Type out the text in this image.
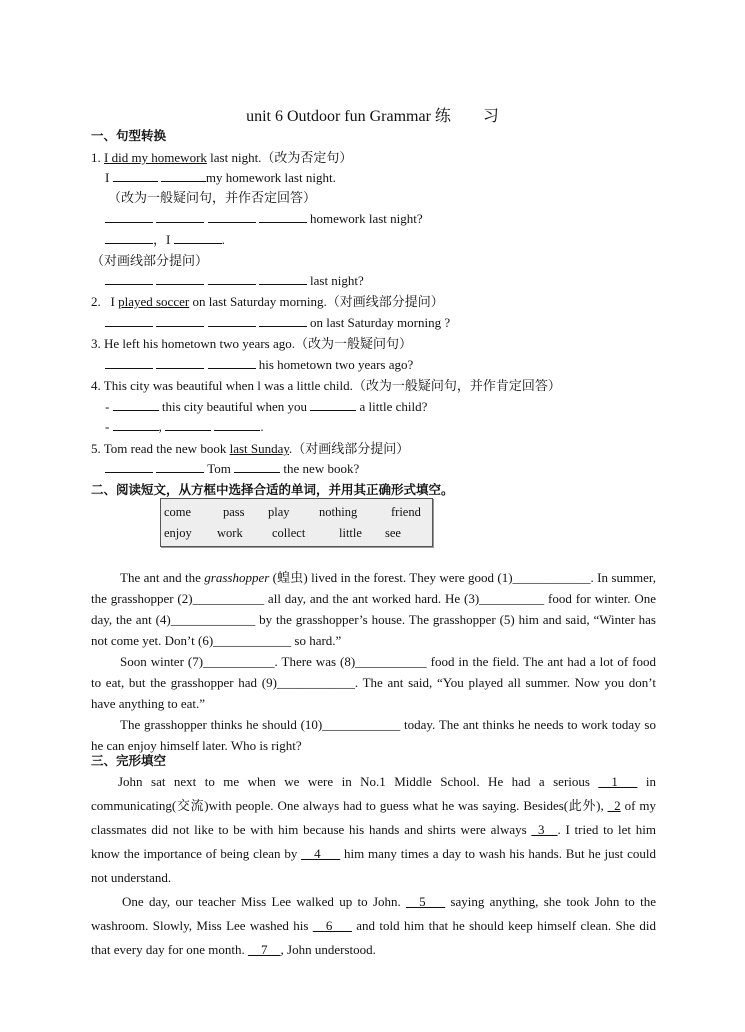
unit 6 Outdoor fun Grammar 练　　习
一、句型转换
1. I did my homework last night.（改为否定句）
I	my homework last night.
（改为一般疑问句，并作否定回答）
homework last night?
，I	.
（对画线部分提问）
last night?
2.   I played soccer on last Saturday morning.（对画线部分提问）
on last Saturday morning ?
3. He left his hometown two years ago.（改为一般疑问句）
his hometown two years ago?
4. This city was beautiful when l was a little child.（改为一般疑问句，并作肯定回答）
-	this city beautiful when you	a little child?
-	,	.
5. Tom read the new book last Sunday.（对画线部分提问）
Tom	the new book?
二、阅读短文，从方框中选择合适的单词，并用其正确形式填空。
come	pass play nothing	friend
enjoy work collect	little see
The ant and the grasshopper (蝗虫) lived in the forest. They were good (1)____________. In summer, the grasshopper (2)___________ all day, and the ant worked hard. He (3)__________ food for winter. One day, the ant (4)_____________ by the grasshopper’s house. The grasshopper (5) him and said, “Winter has not come yet. Don’t (6)____________ so hard.”
Soon winter (7)___________. There was (8)___________ food in the field. The ant had a lot of food to eat, but the grasshopper had (9)____________. The ant said, “You played all summer. Now you don’t have anything to eat.”
The grasshopper thinks he should (10)____________ today. The ant thinks he needs to work today so he can enjoy himself later. Who is right?
三、完形填空
John sat next to me when we were in No.1 Middle School. He had a serious __1___ in communicating(交流)with people. One always had to guess what he was saying. Besides(此外), _2 of my classmates did not like to be with him because his hands and shirts were always _3__. I tried to let him know the importance of being clean by __4___ him many times a day to wash his hands. But he just could not understand.
One day, our teacher Miss Lee walked up to John. __5___ saying anything, she took John to the washroom. Slowly, Miss Lee washed his __6___ and told him that he should keep himself clean. She did that every day for one month. __7__, John understood.
